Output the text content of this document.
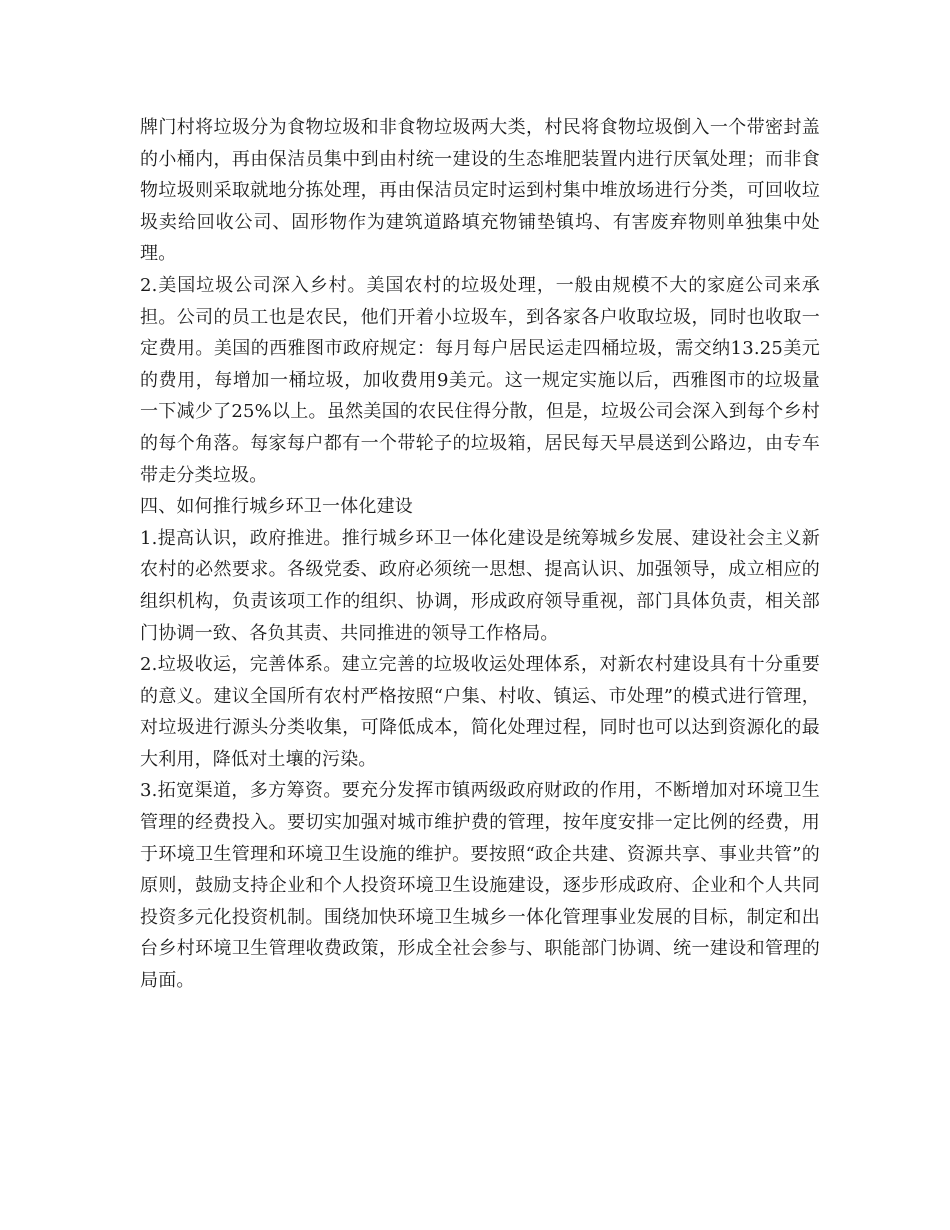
牌门村将垃圾分为食物垃圾和非食物垃圾两大类，村民将食物垃圾倒入一个带密封盖的小桶内，再由保洁员集中到由村统一建设的生态堆肥装置内进行厌氧处理；而非食物垃圾则采取就地分拣处理，再由保洁员定时运到村集中堆放场进行分类，可回收垃圾卖给回收公司、固形物作为建筑道路填充物铺垫镇坞、有害废弃物则单独集中处理。

2.美国垃圾公司深入乡村。美国农村的垃圾处理，一般由规模不大的家庭公司来承担。公司的员工也是农民，他们开着小垃圾车，到各家各户收取垃圾，同时也收取一定费用。美国的西雅图市政府规定：每月每户居民运走四桶垃圾，需交纳13.25美元的费用，每增加一桶垃圾，加收费用9美元。这一规定实施以后，西雅图市的垃圾量一下减少了25%以上。虽然美国的农民住得分散，但是，垃圾公司会深入到每个乡村的每个角落。每家每户都有一个带轮子的垃圾箱，居民每天早晨送到公路边，由专车带走分类垃圾。

四、如何推行城乡环卫一体化建设

1.提高认识，政府推进。推行城乡环卫一体化建设是统筹城乡发展、建设社会主义新农村的必然要求。各级党委、政府必须统一思想、提高认识、加强领导，成立相应的组织机构，负责该项工作的组织、协调，形成政府领导重视，部门具体负责，相关部门协调一致、各负其责、共同推进的领导工作格局。

2.垃圾收运，完善体系。建立完善的垃圾收运处理体系，对新农村建设具有十分重要的意义。建议全国所有农村严格按照“户集、村收、镇运、市处理”的模式进行管理，对垃圾进行源头分类收集，可降低成本，简化处理过程，同时也可以达到资源化的最大利用，降低对土壤的污染。

3.拓宽渠道，多方筹资。要充分发挥市镇两级政府财政的作用，不断增加对环境卫生管理的经费投入。要切实加强对城市维护费的管理，按年度安排一定比例的经费，用于环境卫生管理和环境卫生设施的维护。要按照“政企共建、资源共享、事业共管”的原则，鼓励支持企业和个人投资环境卫生设施建设，逐步形成政府、企业和个人共同投资多元化投资机制。围绕加快环境卫生城乡一体化管理事业发展的目标，制定和出台乡村环境卫生管理收费政策，形成全社会参与、职能部门协调、统一建设和管理的局面。
